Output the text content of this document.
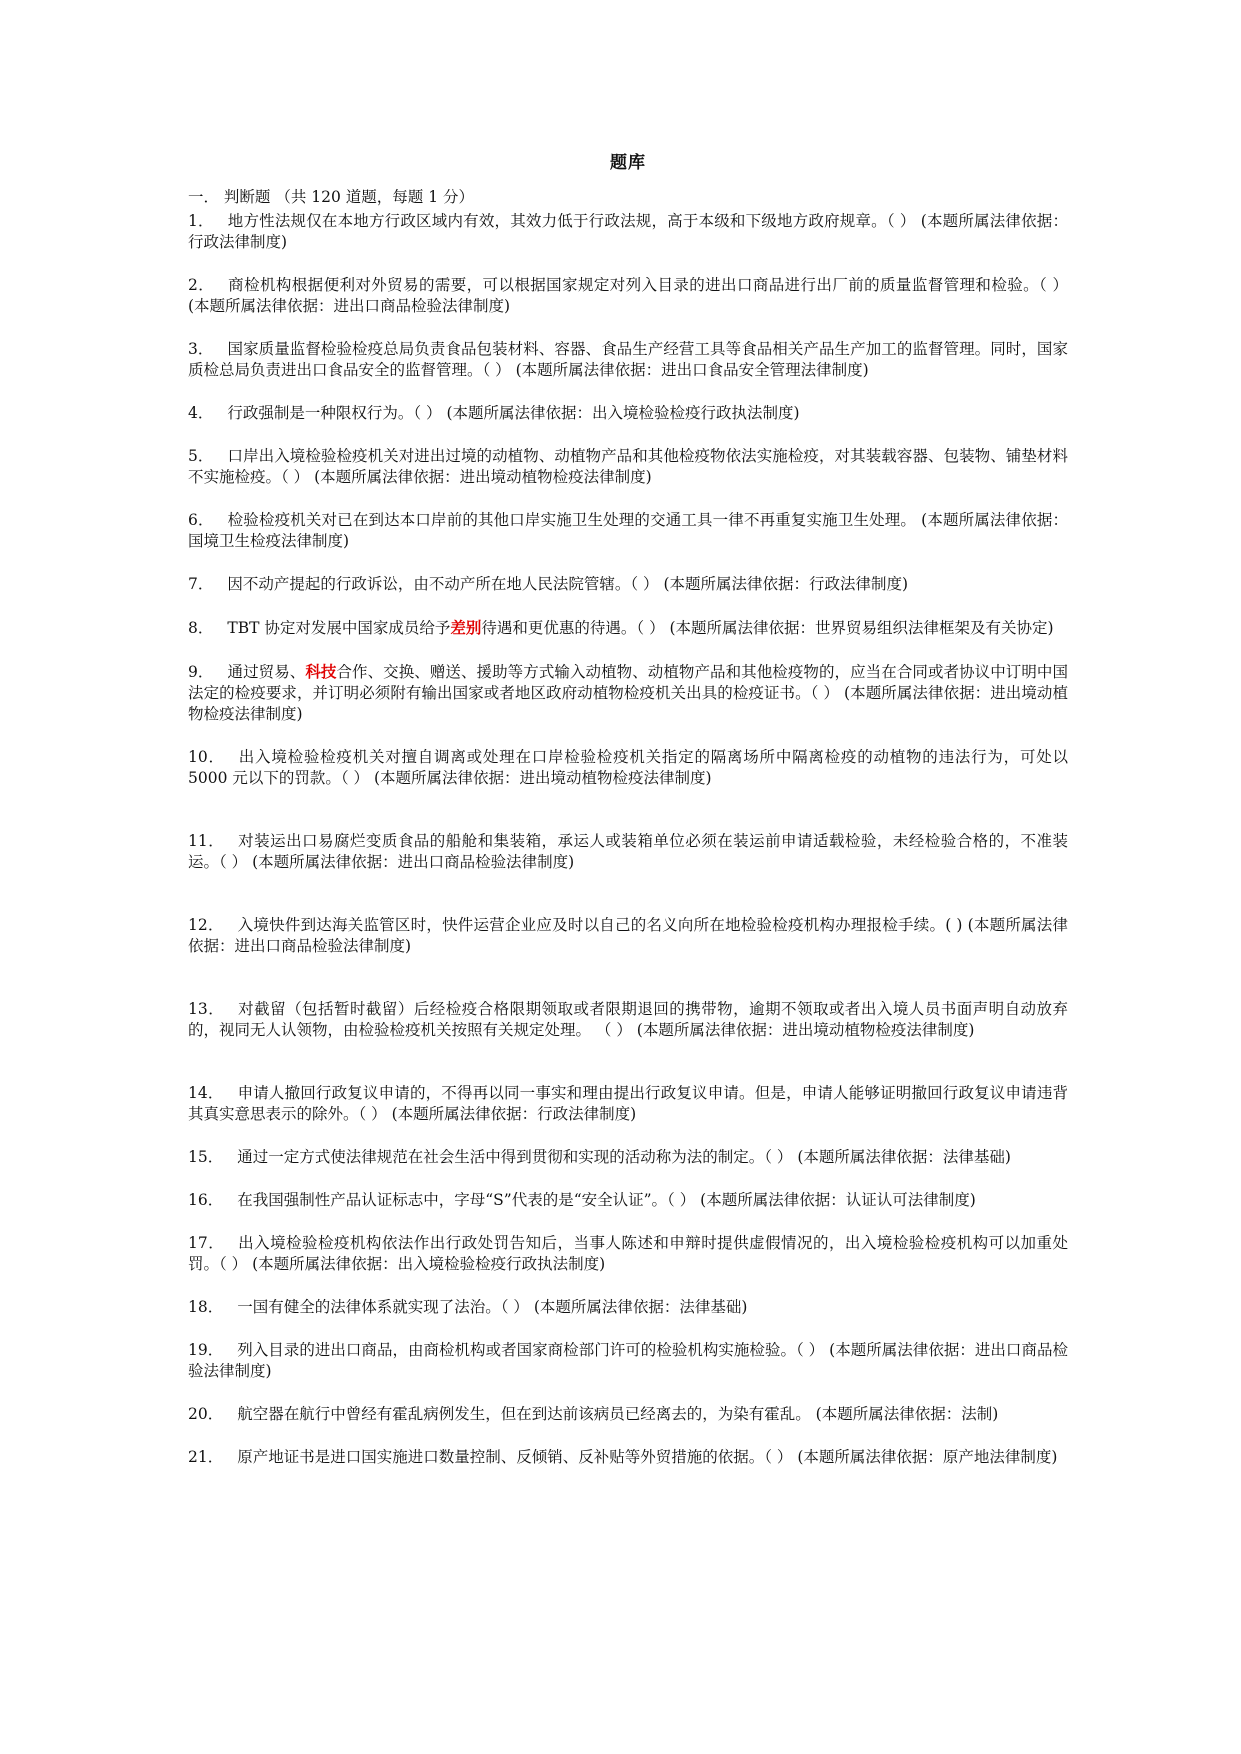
题库

一． 判断题 （共 120 道题，每题 1 分）

1． 地方性法规仅在本地方行政区域内有效，其效力低于行政法规，高于本级和下级地方政府规章。（ ） (本题所属法律依据：行政法律制度)

2． 商检机构根据便利对外贸易的需要，可以根据国家规定对列入目录的进出口商品进行出厂前的质量监督管理和检验。（ ） (本题所属法律依据：进出口商品检验法律制度)

3． 国家质量监督检验检疫总局负责食品包装材料、容器、食品生产经营工具等食品相关产品生产加工的监督管理。同时，国家质检总局负责进出口食品安全的监督管理。（ ） (本题所属法律依据：进出口食品安全管理法律制度)

4． 行政强制是一种限权行为。（ ） (本题所属法律依据：出入境检验检疫行政执法制度)

5． 口岸出入境检验检疫机关对进出过境的动植物、动植物产品和其他检疫物依法实施检疫，对其装载容器、包装物、铺垫材料不实施检疫。（ ） (本题所属法律依据：进出境动植物检疫法律制度)

6． 检验检疫机关对已在到达本口岸前的其他口岸实施卫生处理的交通工具一律不再重复实施卫生处理。 (本题所属法律依据：国境卫生检疫法律制度)

7． 因不动产提起的行政诉讼，由不动产所在地人民法院管辖。（ ） (本题所属法律依据：行政法律制度)

8． TBT 协定对发展中国家成员给予差别待遇和更优惠的待遇。（ ） (本题所属法律依据：世界贸易组织法律框架及有关协定)

9． 通过贸易、科技合作、交换、赠送、援助等方式输入动植物、动植物产品和其他检疫物的，应当在合同或者协议中订明中国法定的检疫要求，并订明必须附有输出国家或者地区政府动植物检疫机关出具的检疫证书。（ ） (本题所属法律依据：进出境动植物检疫法律制度)

10． 出入境检验检疫机关对擅自调离或处理在口岸检验检疫机关指定的隔离场所中隔离检疫的动植物的违法行为，可处以 5000 元以下的罚款。（ ） (本题所属法律依据：进出境动植物检疫法律制度)

11． 对装运出口易腐烂变质食品的船舱和集装箱，承运人或装箱单位必须在装运前申请适载检验，未经检验合格的，不准装运。（ ） (本题所属法律依据：进出口商品检验法律制度)

12． 入境快件到达海关监管区时，快件运营企业应及时以自己的名义向所在地检验检疫机构办理报检手续。( ) (本题所属法律依据：进出口商品检验法律制度)

13． 对截留（包括暂时截留）后经检疫合格限期领取或者限期退回的携带物，逾期不领取或者出入境人员书面声明自动放弃的，视同无人认领物，由检验检疫机关按照有关规定处理。 （ ） (本题所属法律依据：进出境动植物检疫法律制度)

14． 申请人撤回行政复议申请的，不得再以同一事实和理由提出行政复议申请。但是，申请人能够证明撤回行政复议申请违背其真实意思表示的除外。（ ） (本题所属法律依据：行政法律制度)

15． 通过一定方式使法律规范在社会生活中得到贯彻和实现的活动称为法的制定。（ ） (本题所属法律依据：法律基础)

16． 在我国强制性产品认证标志中，字母“S”代表的是“安全认证”。（ ） (本题所属法律依据：认证认可法律制度)

17． 出入境检验检疫机构依法作出行政处罚告知后，当事人陈述和申辩时提供虚假情况的，出入境检验检疫机构可以加重处罚。（ ） (本题所属法律依据：出入境检验检疫行政执法制度)

18． 一国有健全的法律体系就实现了法治。（ ） (本题所属法律依据：法律基础)

19． 列入目录的进出口商品，由商检机构或者国家商检部门许可的检验机构实施检验。（ ） (本题所属法律依据：进出口商品检验法律制度)

20． 航空器在航行中曾经有霍乱病例发生，但在到达前该病员已经离去的，为染有霍乱。 (本题所属法律依据：法制)

21． 原产地证书是进口国实施进口数量控制、反倾销、反补贴等外贸措施的依据。（ ） (本题所属法律依据：原产地法律制度)
